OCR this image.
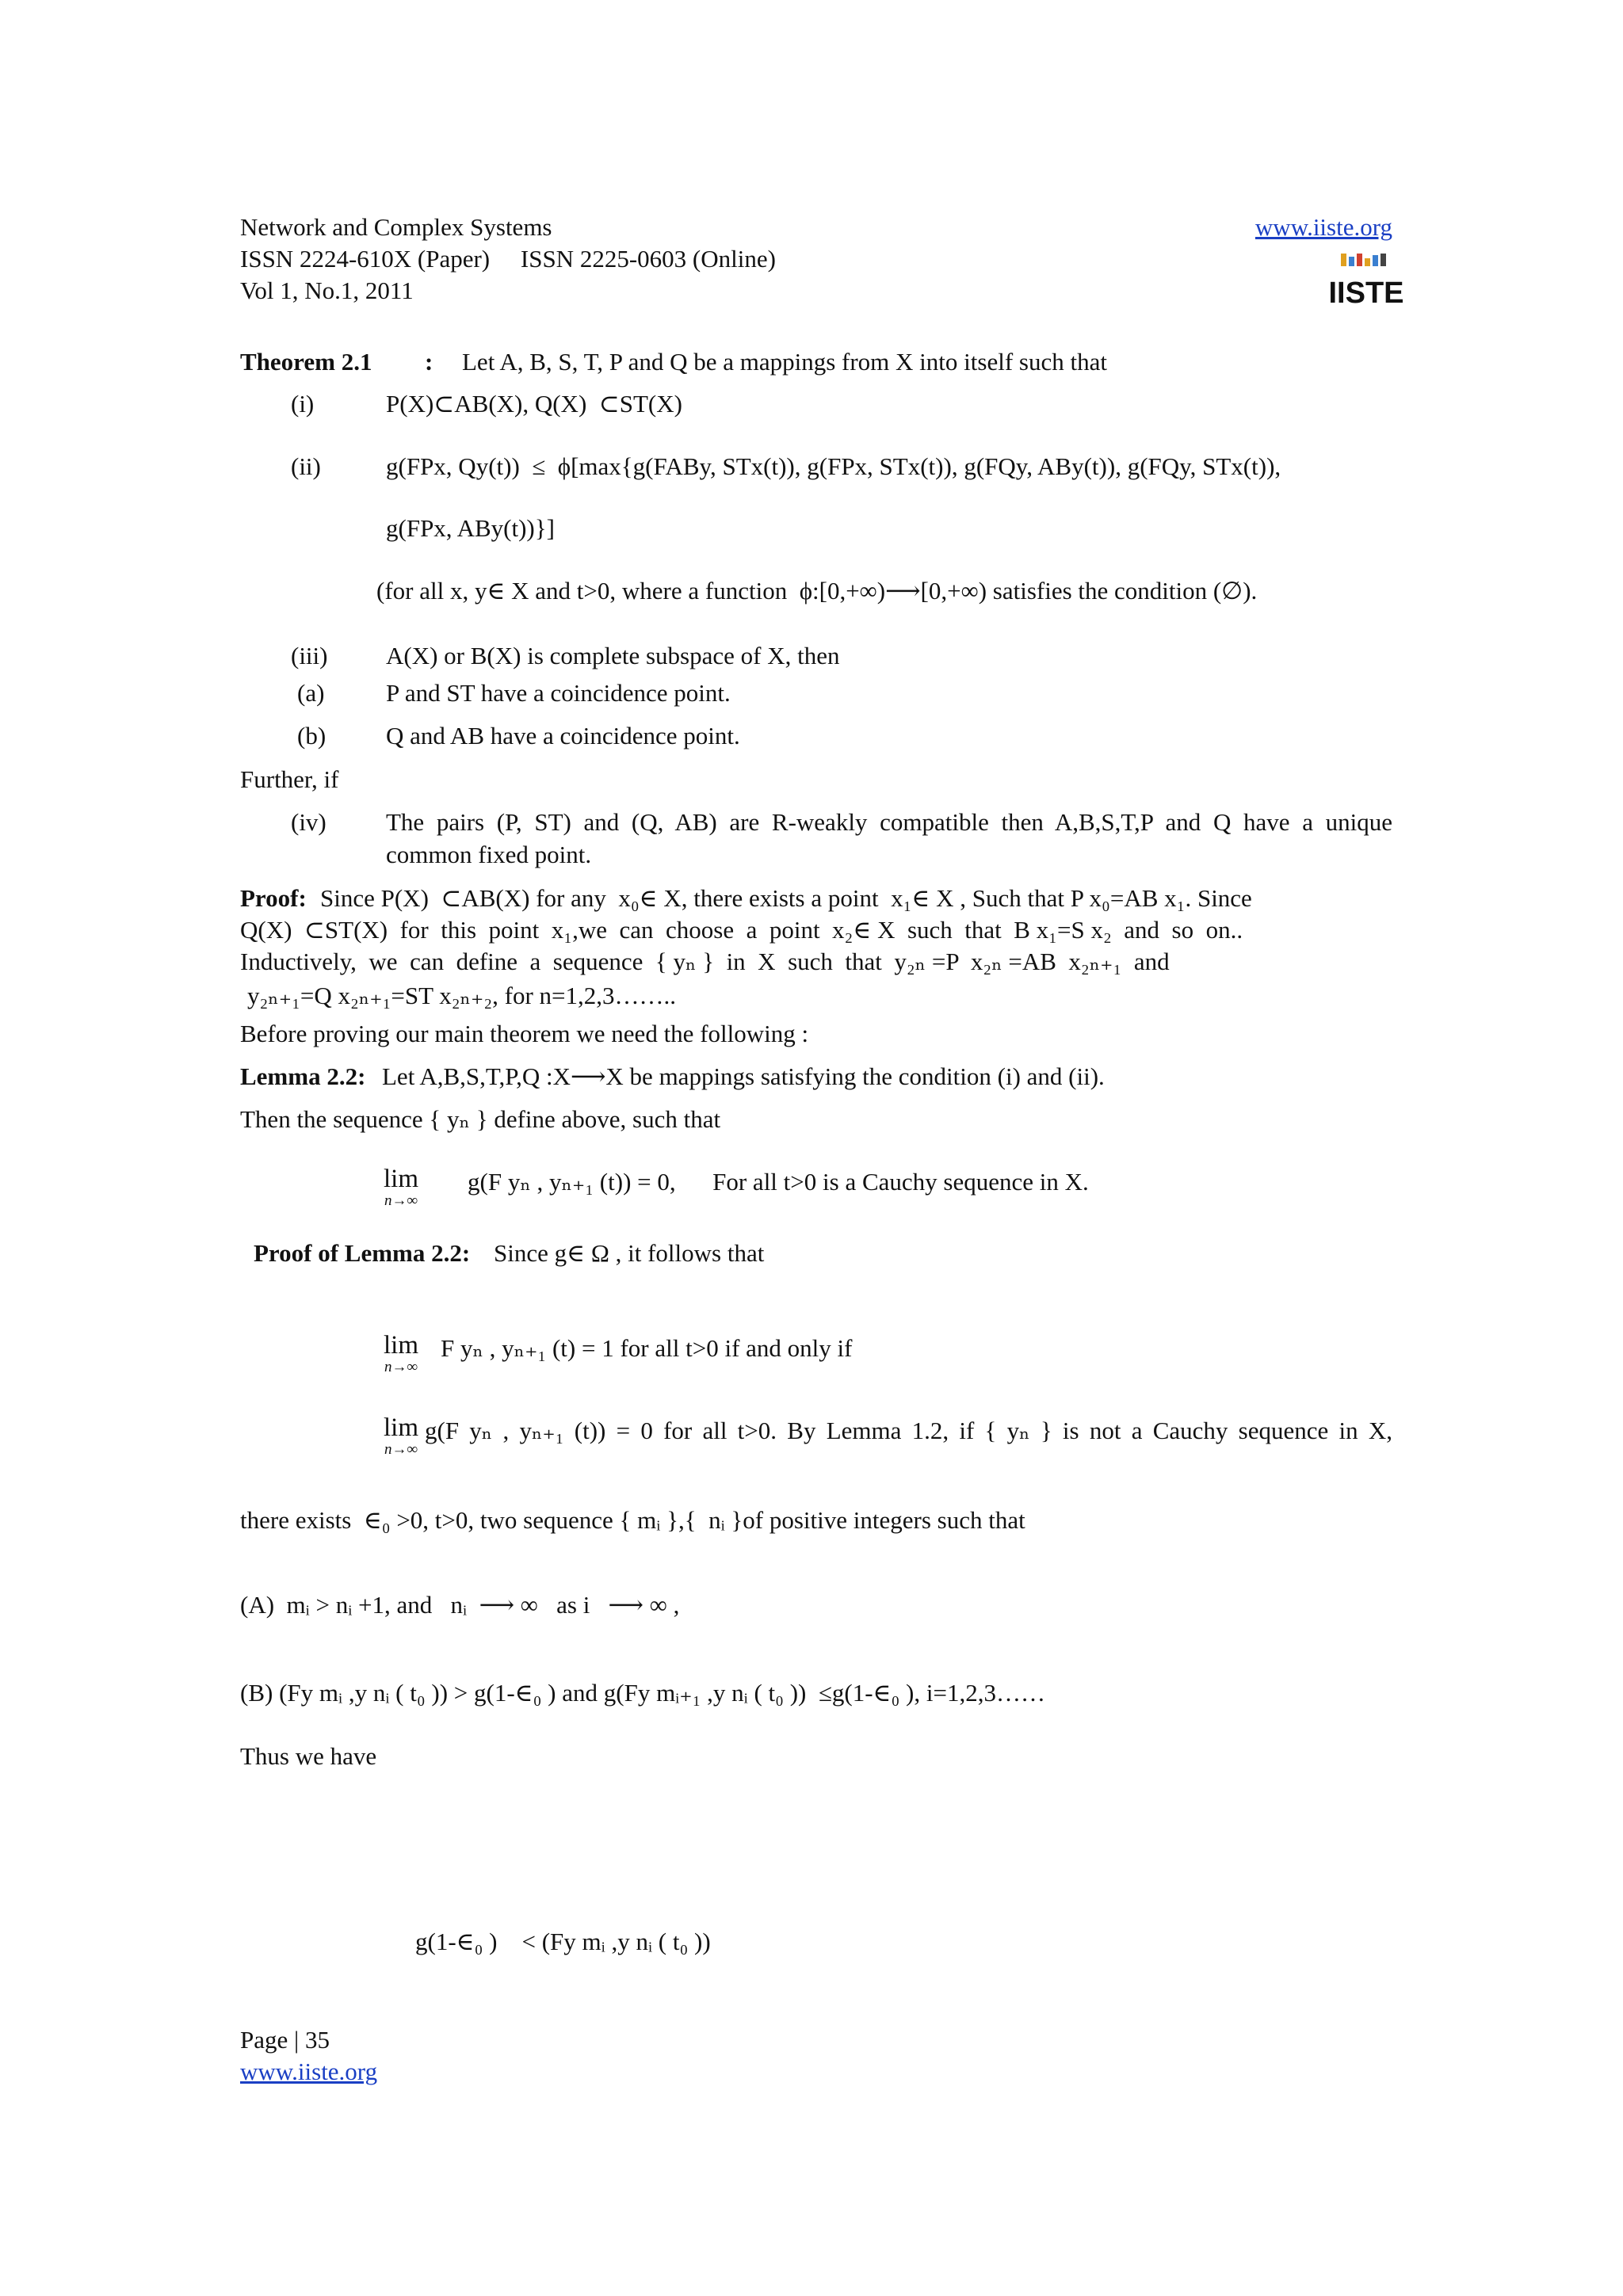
Network and Complex Systems
ISSN 2224-610X (Paper)     ISSN 2225-0603 (Online)
Vol 1, No.1, 2011
www.iiste.org
IISTE
Theorem 2.1 : Let A, B, S, T, P and Q be a mappings from X into itself such that
(i)	P(X)⊂AB(X), Q(X)  ⊂ST(X)
(ii)	g(FPx, Qy(t))  ≤  ϕ[max{g(FABy, STx(t)), g(FPx, STx(t)), g(FQy, ABy(t)), g(FQy, STx(t)),
g(FPx, ABy(t))}]
(for all x, y∈ X and t>0, where a function  ϕ:[0,+∞)⟶[0,+∞) satisfies the condition (∅).
(iii) A(X) or B(X) is complete subspace of X, then
(a)	P and ST have a coincidence point.
(b) Q and AB have a coincidence point.
Further, if
(iv) The pairs (P, ST) and (Q, AB) are R-weakly compatible then A,B,S,T,P and Q have a unique
common fixed point.
Proof: Since P(X)  ⊂AB(X) for any  x₀∈ X, there exists a point  x₁∈ X , Such that P x₀=AB x₁. Since
Q(X)  ⊂ST(X)  for  this  point  x₁,we  can  choose  a  point  x₂∈ X  such  that  B x₁=S x₂  and  so  on..
Inductively,  we  can  define  a  sequence  { yₙ }  in  X  such  that  y₂ₙ =P  x₂ₙ =AB  x₂ₙ₊₁  and
y₂ₙ₊₁=Q x₂ₙ₊₁=ST x₂ₙ₊₂, for n=1,2,3……..
Before proving our main theorem we need the following :
Lemma 2.2: Let A,B,S,T,P,Q :X⟶X be mappings satisfying the condition (i) and (ii).
Then the sequence { yₙ } define above, such that
lim
n→∞
g(F yₙ , yₙ₊₁ (t)) = 0,      For all t>0 is a Cauchy sequence in X.
Proof of Lemma 2.2: Since g∈ Ω , it follows that
lim
n→∞
F yₙ , yₙ₊₁ (t) = 1 for all t>0 if and only if
lim
n→∞
g(F yₙ , yₙ₊₁ (t)) = 0 for all t>0. By Lemma 1.2, if { yₙ } is not a Cauchy sequence in X,
there exists  ∈₀ >0, t>0, two sequence { mᵢ },{  nᵢ }of positive integers such that
(A)  mᵢ > nᵢ +1, and   nᵢ  ⟶ ∞   as i   ⟶ ∞ ,
(B) (Fy mᵢ ,y nᵢ ( t₀ )) > g(1-∈₀ ) and g(Fy mᵢ₊₁ ,y nᵢ ( t₀ ))  ≤g(1-∈₀ ), i=1,2,3……
Thus we have
g(1-∈₀ )    < (Fy mᵢ ,y nᵢ ( t₀ ))
Page | 35
www.iiste.org
